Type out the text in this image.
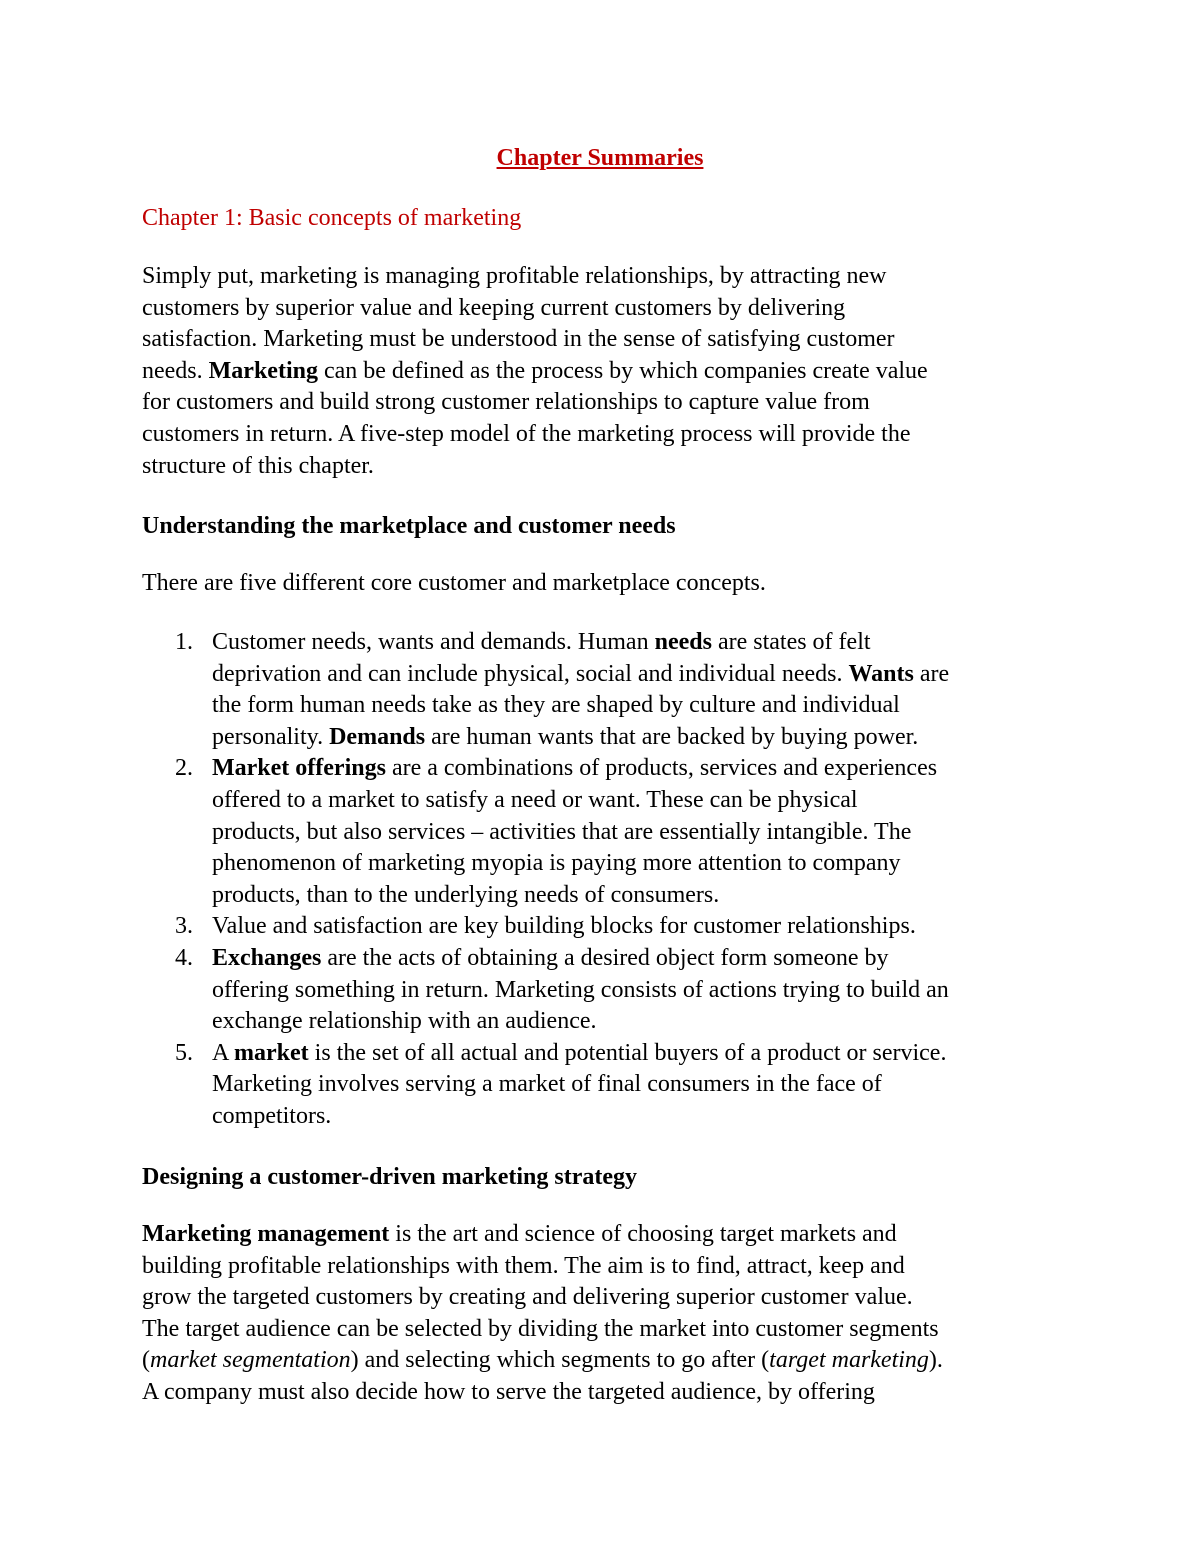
Chapter Summaries
Chapter 1: Basic concepts of marketing
Simply put, marketing is managing profitable relationships, by attracting new
customers by superior value and keeping current customers by delivering
satisfaction. Marketing must be understood in the sense of satisfying customer
needs. Marketing can be defined as the process by which companies create value
for customers and build strong customer relationships to capture value from
customers in return. A five-step model of the marketing process will provide the
structure of this chapter.
Understanding the marketplace and customer needs
There are five different core customer and marketplace concepts.
1. Customer needs, wants and demands. Human needs are states of felt
deprivation and can include physical, social and individual needs. Wants are
the form human needs take as they are shaped by culture and individual
personality. Demands are human wants that are backed by buying power.
2. Market offerings are a combinations of products, services and experiences
offered to a market to satisfy a need or want. These can be physical
products, but also services – activities that are essentially intangible. The
phenomenon of marketing myopia is paying more attention to company
products, than to the underlying needs of consumers.
3. Value and satisfaction are key building blocks for customer relationships.
4. Exchanges are the acts of obtaining a desired object form someone by
offering something in return. Marketing consists of actions trying to build an
exchange relationship with an audience.
5. A market is the set of all actual and potential buyers of a product or service.
Marketing involves serving a market of final consumers in the face of
competitors.
Designing a customer-driven marketing strategy
Marketing management is the art and science of choosing target markets and
building profitable relationships with them. The aim is to find, attract, keep and
grow the targeted customers by creating and delivering superior customer value.
The target audience can be selected by dividing the market into customer segments
(market segmentation) and selecting which segments to go after (target marketing).
A company must also decide how to serve the targeted audience, by offering
